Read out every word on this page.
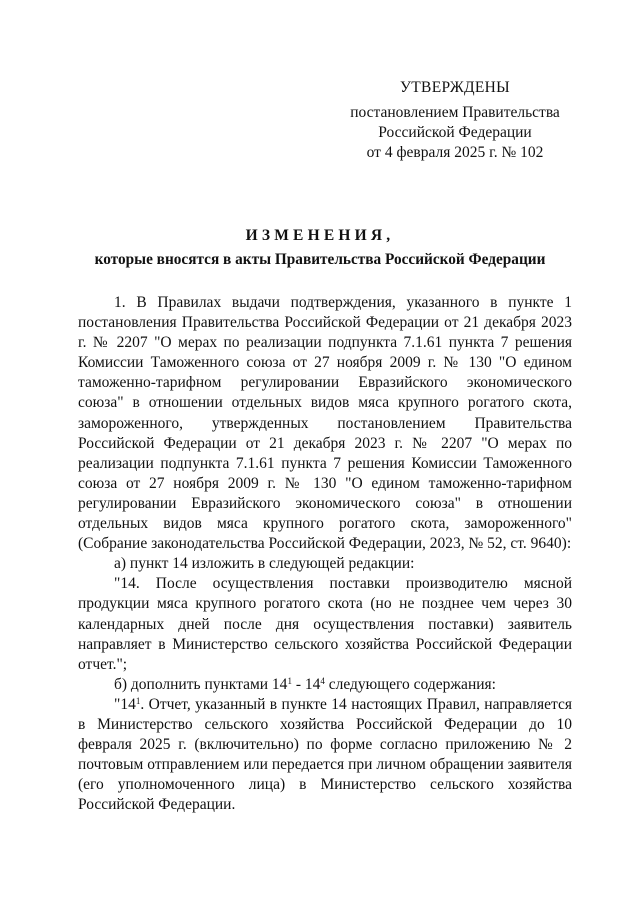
УТВЕРЖДЕНЫ
постановлением Правительства
Российской Федерации
от 4 февраля 2025 г. № 102
ИЗМЕНЕНИЯ,
которые вносятся в акты Правительства Российской Федерации

1. В Правилах выдачи подтверждения, указанного в пункте 1 постановления Правительства Российской Федерации от 21 декабря 2023 г. № 2207 "О мерах по реализации подпункта 7.1.61 пункта 7 решения Комиссии Таможенного союза от 27 ноября 2009 г. № 130 "О едином таможенно-тарифном регулировании Евразийского экономического союза" в отношении отдельных видов мяса крупного рогатого скота, замороженного, утвержденных постановлением Правительства Российской Федерации от 21 декабря 2023 г. № 2207 "О мерах по реализации подпункта 7.1.61 пункта 7 решения Комиссии Таможенного союза от 27 ноября 2009 г. № 130 "О едином таможенно-тарифном регулировании Евразийского экономического союза" в отношении отдельных видов мяса крупного рогатого скота, замороженного" (Собрание законодательства Российской Федерации, 2023, № 52, ст. 9640):

а) пункт 14 изложить в следующей редакции:

"14. После осуществления поставки производителю мясной продукции мяса крупного рогатого скота (но не позднее чем через 30 календарных дней после дня осуществления поставки) заявитель направляет в Министерство сельского хозяйства Российской Федерации отчет.";

б) дополнить пунктами $14^1 - 14^4$ следующего содержания:

"$14^1$. Отчет, указанный в пункте 14 настоящих Правил, направляется в Министерство сельского хозяйства Российской Федерации до 10 февраля 2025 г. (включительно) по форме согласно приложению № 2 почтовым отправлением или передается при личном обращении заявителя (его уполномоченного лица) в Министерство сельского хозяйства Российской Федерации.
